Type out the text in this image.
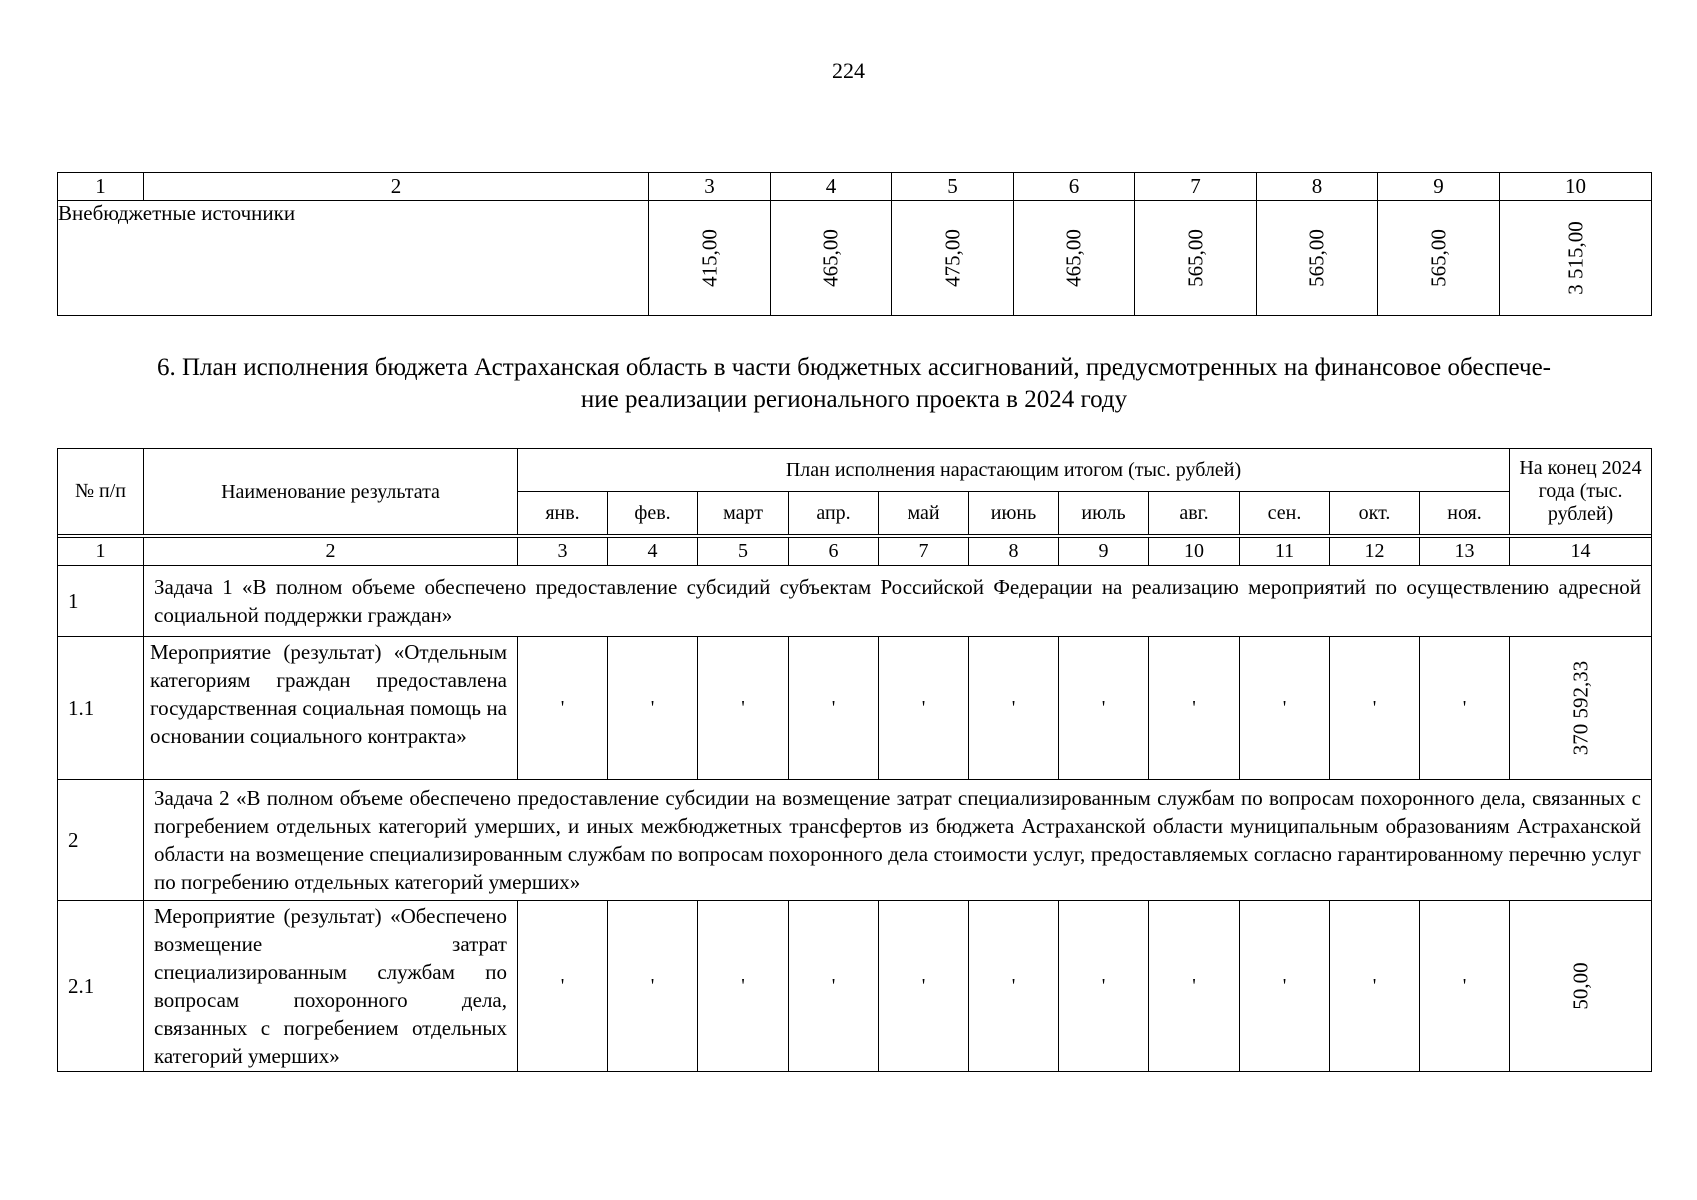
224
1	2	3	4	5	6	7	8	9	10
Внебюджетные источники		415,00	465,00	475,00	465,00	565,00	565,00	565,00	3 515,00
6. План исполнения бюджета Астраханская область в части бюджетных ассигнований, предусмотренных на финансовое обеспече-
ние реализации регионального проекта в 2024 году
№ п/п	Наименование результата	План исполнения нарастающим итогом (тыс. рублей)											На конец 2024 года (тыс. рублей)
		янв.	фев.	март	апр.	май	июнь	июль	авг.	сен.	окт.	ноя.	

1	2	3	4	5	6	7	8	9	10	11	12	13	14
1	Задача 1 «В полном объеме обеспечено предоставление субсидий субъектам Российской Федерации на реализацию мероприятий по осуществлению адресной социальной поддержки граждан»												
1.1	Мероприятие (результат) «Отдельным категориям граждан предоставлена государственная социальная помощь на основании социального контракта»	'	'	'	'	'	'	'	'	'	'	'	370 592,33

2	Задача 2 «В полном объеме обеспечено предоставление субсидии на возмещение затрат специализированным службам по вопросам похоронного дела, связанных с погребением отдельных категорий умерших, и иных межбюджетных трансфертов из бюджета Астраханской области муниципальным образованиям Астраханской области на возмещение специализированным службам по вопросам похоронного дела стоимости услуг, предоставляемых согласно гарантированному перечню услуг по погребению отдельных категорий умерших»												
2.1	Мероприятие (результат) «Обеспечено возмещение затрат специализированным службам по вопросам похоронного дела, связанных с погребением отдельных категорий умерших»	'	'	'	'	'	'	'	'	'	'	'	50,00
